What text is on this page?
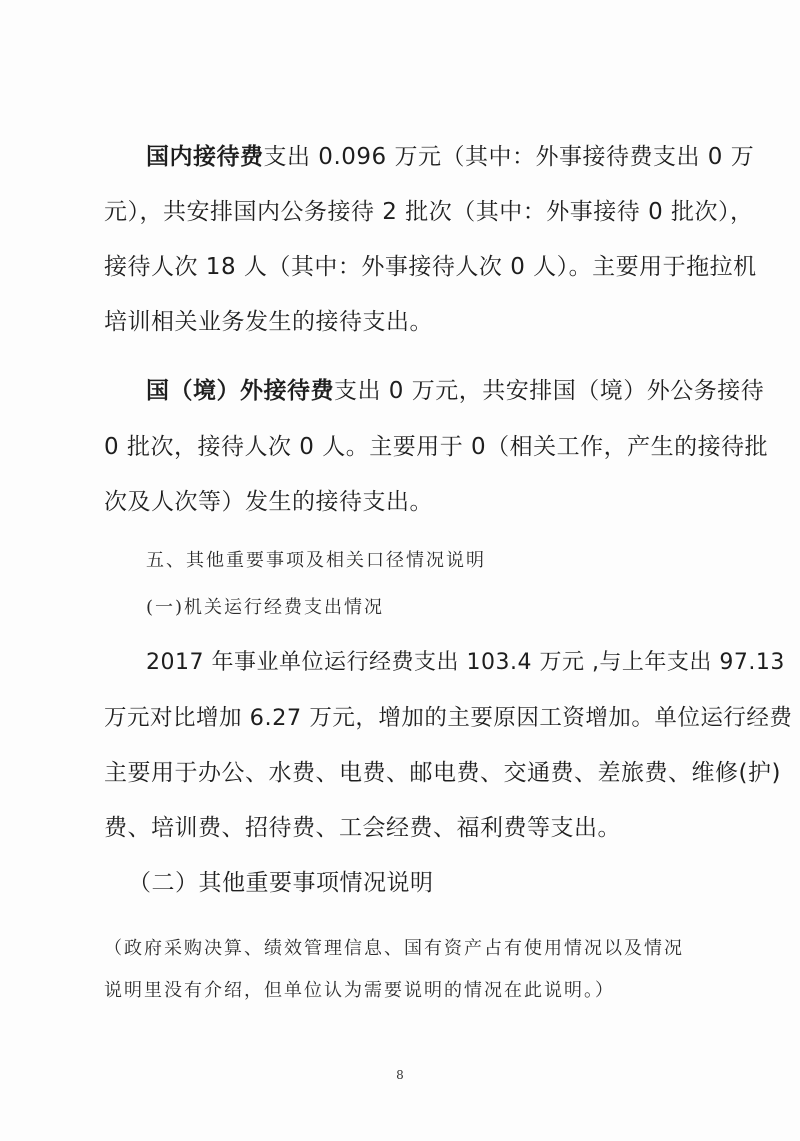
国内接待费支出 0.096 万元（其中：外事接待费支出 0 万
元），共安排国内公务接待 2 批次（其中：外事接待 0 批次），
接待人次 18 人（其中：外事接待人次 0 人）。主要用于拖拉机
培训相关业务发生的接待支出。
国（境）外接待费支出 0 万元，共安排国（境）外公务接待
0 批次，接待人次 0 人。主要用于 0（相关工作，产生的接待批
次及人次等）发生的接待支出。
五、其他重要事项及相关口径情况说明
(一)机关运行经费支出情况
2017 年事业单位运行经费支出 103.4 万元 ,与上年支出 97.13
万元对比增加 6.27 万元，增加的主要原因工资增加。单位运行经费
主要用于办公、水费、电费、邮电费、交通费、差旅费、维修(护)
费、培训费、招待费、工会经费、福利费等支出。
（二）其他重要事项情况说明
（政府采购决算、绩效管理信息、国有资产占有使用情况以及情况
说明里没有介绍，但单位认为需要说明的情况在此说明。）
8
